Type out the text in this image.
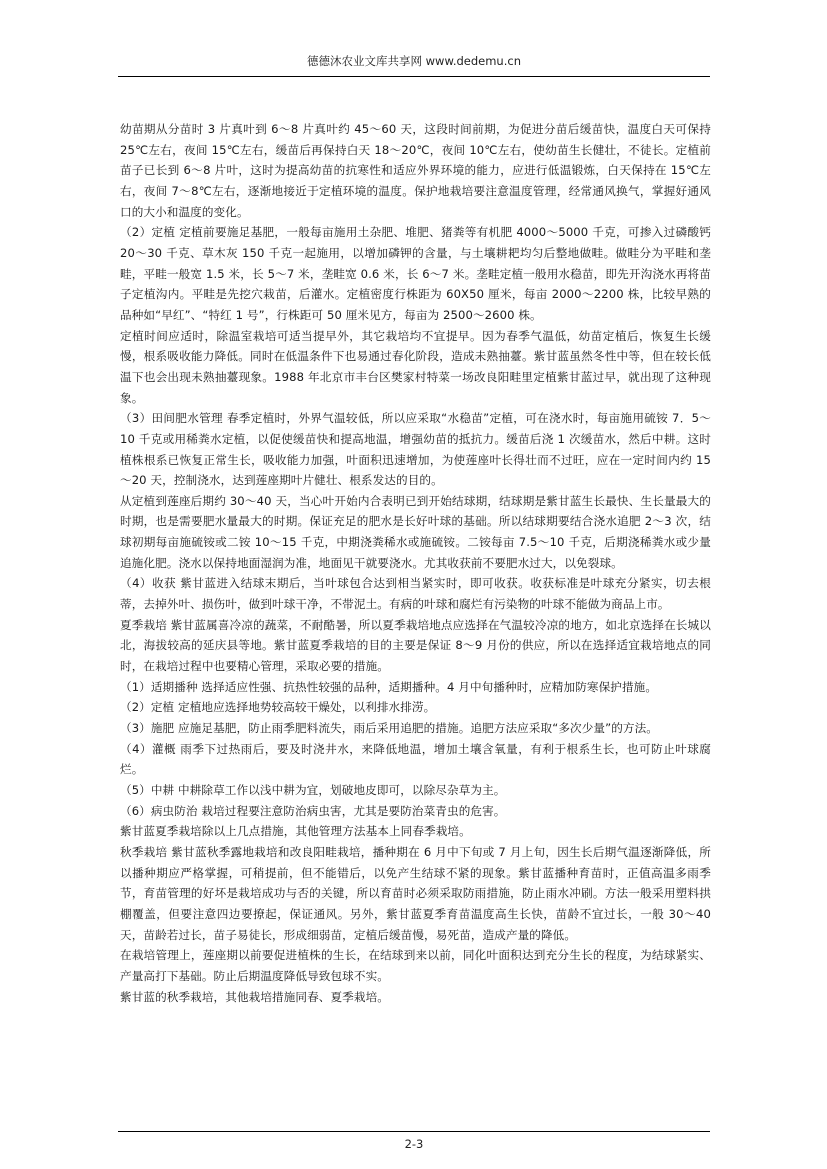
德德沐农业文库共享网 www.dedemu.cn

幼苗期从分苗时 3 片真叶到 6～8 片真叶约 45～60 天，这段时间前期，为促进分苗后缓苗快，温度白天可保持 25℃左右，夜间 15℃左右，缓苗后再保持白天 18～20℃，夜间 10℃左右，使幼苗生长健壮，不徒长。定植前苗子已长到 6～8 片叶，这时为提高幼苗的抗寒性和适应外界环境的能力，应进行低温锻炼，白天保持在 15℃左右，夜间 7～8℃左右，逐渐地接近于定植环境的温度。保护地栽培要注意温度管理，经常通风换气，掌握好通风口的大小和温度的变化。

（2）定植 定植前要施足基肥，一般每亩施用土杂肥、堆肥、猪粪等有机肥 4000～5000 千克，可掺入过磷酸钙 20～30 千克、草木灰 150 千克一起施用，以增加磷钾的含量，与土壤耕耙均匀后整地做畦。做畦分为平畦和垄畦，平畦一般宽 1.5 米，长 5～7 米，垄畦宽 0.6 米，长 6～7 米。垄畦定植一般用水稳苗，即先开沟浇水再将苗子定植沟内。平畦是先挖穴栽苗，后灌水。定植密度行株距为 60X50 厘米，每亩 2000～2200 株，比较早熟的品种如“早红”、“特红 1 号”，行株距可 50 厘米见方，每亩为 2500～2600 株。

定植时间应适时，除温室栽培可适当提早外，其它栽培均不宜提早。因为春季气温低，幼苗定植后，恢复生长缓慢，根系吸收能力降低。同时在低温条件下也易通过春化阶段，造成未熟抽薹。紫甘蓝虽然冬性中等，但在较长低温下也会出现未熟抽薹现象。1988 年北京市丰台区樊家村特菜一场改良阳畦里定植紫甘蓝过早，就出现了这种现象。

（3）田间肥水管理 春季定植时，外界气温较低，所以应采取“水稳苗”定植，可在浇水时，每亩施用硫铵 7．5～10 千克或用稀粪水定植，以促使缓苗快和提高地温，增强幼苗的抵抗力。缓苗后浇 1 次缓苗水，然后中耕。这时植株根系已恢复正常生长，吸收能力加强，叶面积迅速增加，为使莲座叶长得壮而不过旺，应在一定时间内约 15～20 天，控制浇水，达到莲座期叶片健壮、根系发达的目的。

从定植到莲座后期约 30～40 天，当心叶开始内合表明已到开始结球期，结球期是紫甘蓝生长最快、生长量最大的时期，也是需要肥水量最大的时期。保证充足的肥水是长好叶球的基础。所以结球期要结合浇水追肥 2～3 次，结球初期每亩施硫铵或二铵 10～15 千克，中期浇粪稀水或施硫铵。二铵每亩 7.5～10 千克，后期浇稀粪水或少量追施化肥。浇水以保持地面湿润为准，地面见干就要浇水。尤其收获前不要肥水过大，以免裂球。

（4）收获 紫甘蓝进入结球末期后，当叶球包合达到相当紧实时，即可收获。收获标准是叶球充分紧实，切去根蒂，去掉外叶、损伤叶，做到叶球干净，不带泥土。有病的叶球和腐烂有污染物的叶球不能做为商品上市。

夏季栽培 紫甘蓝属喜冷凉的蔬菜，不耐酷暑，所以夏季栽培地点应选择在气温较冷凉的地方，如北京选择在长城以北，海拔较高的延庆县等地。紫甘蓝夏季栽培的目的主要是保证 8～9 月份的供应，所以在选择适宜栽培地点的同时，在栽培过程中也要精心管理，采取必要的措施。

（1）适期播种 选择适应性强、抗热性较强的品种，适期播种。4 月中旬播种时，应精加防寒保护措施。

（2）定植 定植地应选择地势较高较干燥处，以利排水排涝。

（3）施肥 应施足基肥，防止雨季肥料流失，雨后采用追肥的措施。追肥方法应采取“多次少量”的方法。

（4）灌概 雨季下过热雨后，要及时浇井水，来降低地温，增加土壤含氧量，有利于根系生长，也可防止叶球腐烂。

（5）中耕 中耕除草工作以浅中耕为宜，划破地皮即可，以除尽杂草为主。

（6）病虫防治 栽培过程要注意防治病虫害，尤其是要防治菜青虫的危害。

紫甘蓝夏季栽培除以上几点措施，其他管理方法基本上同春季栽培。

秋季栽培 紫甘蓝秋季露地栽培和改良阳畦栽培，播种期在 6 月中下旬或 7 月上旬，因生长后期气温逐渐降低，所以播种期应严格掌握，可稍提前，但不能错后，以免产生结球不紧的现象。紫甘蓝播种育苗时，正值高温多雨季节，育苗管理的好坏是栽培成功与否的关键，所以育苗时必须采取防雨措施，防止雨水冲刷。方法一般采用塑料拱棚覆盖，但要注意四边要撩起，保证通风。另外，紫甘蓝夏季育苗温度高生长快，苗龄不宜过长，一般 30～40 天，苗龄若过长，苗子易徒长，形成细弱苗，定植后缓苗慢，易死苗，造成产量的降低。

在栽培管理上，莲座期以前要促进植株的生长，在结球到来以前，同化叶面积达到充分生长的程度，为结球紧实、产量高打下基础。防止后期温度降低导致包球不实。

紫甘蓝的秋季栽培，其他栽培措施同春、夏季栽培。

2-3
